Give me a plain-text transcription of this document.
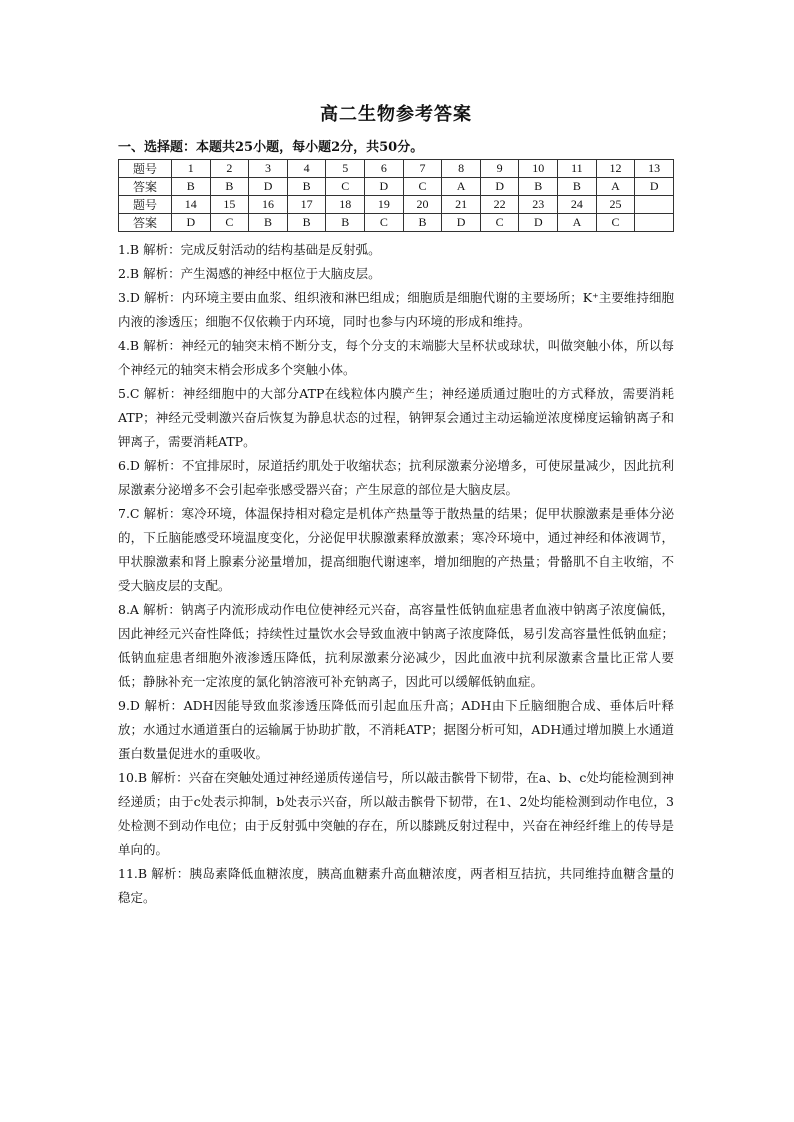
高二生物参考答案
一、选择题：本题共25小题，每小题2分，共50分。
题号	1	2	3	4	5	6	7	8	9	10	11	12	13
答案	B	B	D	B	C	D	C	A	D	B	B	A	D
题号	14	15	16	17	18	19	20	21	22	23	24	25	
答案	D	C	B	B	B	C	B	D	C	D	A	C	

1.B 解析：完成反射活动的结构基础是反射弧。

2.B 解析：产生渴感的神经中枢位于大脑皮层。

3.D 解析：内环境主要由血浆、组织液和淋巴组成；细胞质是细胞代谢的主要场所；K⁺主要维持细胞内液的渗透压；细胞不仅依赖于内环境，同时也参与内环境的形成和维持。

4.B 解析：神经元的轴突末梢不断分支，每个分支的末端膨大呈杯状或球状，叫做突触小体，所以每个神经元的轴突末梢会形成多个突触小体。

5.C 解析：神经细胞中的大部分ATP在线粒体内膜产生；神经递质通过胞吐的方式释放，需要消耗ATP；神经元受刺激兴奋后恢复为静息状态的过程，钠钾泵会通过主动运输逆浓度梯度运输钠离子和钾离子，需要消耗ATP。

6.D 解析：不宜排尿时，尿道括约肌处于收缩状态；抗利尿激素分泌增多，可使尿量减少，因此抗利尿激素分泌增多不会引起牵张感受器兴奋；产生尿意的部位是大脑皮层。

7.C 解析：寒冷环境，体温保持相对稳定是机体产热量等于散热量的结果；促甲状腺激素是垂体分泌的，下丘脑能感受环境温度变化，分泌促甲状腺激素释放激素；寒冷环境中，通过神经和体液调节，甲状腺激素和肾上腺素分泌量增加，提高细胞代谢速率，增加细胞的产热量；骨骼肌不自主收缩，不受大脑皮层的支配。

8.A 解析：钠离子内流形成动作电位使神经元兴奋，高容量性低钠血症患者血液中钠离子浓度偏低，因此神经元兴奋性降低；持续性过量饮水会导致血液中钠离子浓度降低，易引发高容量性低钠血症；低钠血症患者细胞外液渗透压降低，抗利尿激素分泌减少，因此血液中抗利尿激素含量比正常人要低；静脉补充一定浓度的氯化钠溶液可补充钠离子，因此可以缓解低钠血症。

9.D 解析：ADH因能导致血浆渗透压降低而引起血压升高；ADH由下丘脑细胞合成、垂体后叶释放；水通过水通道蛋白的运输属于协助扩散，不消耗ATP；据图分析可知，ADH通过增加膜上水通道蛋白数量促进水的重吸收。

10.B 解析：兴奋在突触处通过神经递质传递信号，所以敲击髌骨下韧带，在a、b、c处均能检测到神经递质；由于c处表示抑制，b处表示兴奋，所以敲击髌骨下韧带，在1、2处均能检测到动作电位，3处检测不到动作电位；由于反射弧中突触的存在，所以膝跳反射过程中，兴奋在神经纤维上的传导是单向的。

11.B 解析：胰岛素降低血糖浓度，胰高血糖素升高血糖浓度，两者相互拮抗，共同维持血糖含量的稳定。
